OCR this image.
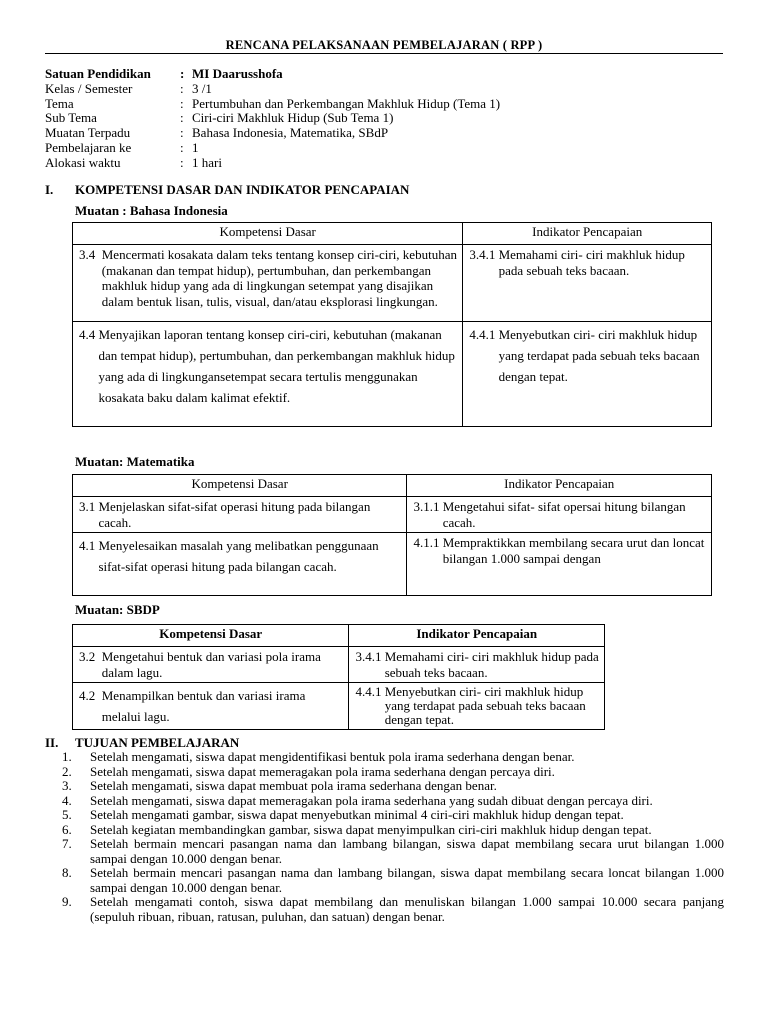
RENCANA PELAKSANAAN PEMBELAJARAN ( RPP )
Satuan Pendidikan	: MI Daarusshofa
Kelas / Semester	: 3 /1
Tema	: Pertumbuhan dan Perkembangan Makhluk Hidup (Tema 1)
Sub Tema	: Ciri-ciri Makhluk Hidup (Sub Tema 1)
Muatan Terpadu	: Bahasa Indonesia, Matematika, SBdP
Pembelajaran ke	: 1
Alokasi waktu	: 1 hari
I. KOMPETENSI DASAR DAN INDIKATOR PENCAPAIAN
Muatan : Bahasa Indonesia
Kompetensi Dasar	Indikator Pencapaian

3.4 Mencermati kosakata dalam teks tentang konsep ciri-ciri, kebutuhan (makanan dan tempat hidup), pertumbuhan, dan perkembangan makhluk hidup yang ada di lingkungan setempat yang disajikan dalam bentuk lisan, tulis, visual, dan/atau eksplorasi lingkungan.	3.4.1 Memahami ciri- ciri makhluk hidup pada sebuah teks bacaan.

4.4 Menyajikan laporan tentang konsep ciri-ciri, kebutuhan (makanan dan tempat hidup), pertumbuhan, dan perkembangan makhluk hidup yang ada di lingkungansetempat secara tertulis menggunakan kosakata baku dalam kalimat efektif.	4.4.1 Menyebutkan ciri- ciri makhluk hidup yang terdapat pada sebuah teks bacaan dengan tepat.
Muatan: Matematika
Kompetensi Dasar	Indikator Pencapaian

3.1 Menjelaskan sifat-sifat operasi hitung pada bilangan cacah.	3.1.1 Mengetahui sifat- sifat opersai hitung bilangan cacah.

4.1 Menyelesaikan masalah yang melibatkan penggunaan sifat-sifat operasi hitung pada bilangan cacah.	4.1.1 Mempraktikkan membilang secara urut dan loncat bilangan 1.000 sampai dengan
Muatan: SBDP
Kompetensi Dasar	Indikator Pencapaian

3.2 Mengetahui bentuk dan variasi pola irama dalam lagu.	3.4.1 Memahami ciri- ciri makhluk hidup pada sebuah teks bacaan.

4.2 Menampilkan bentuk dan variasi irama melalui lagu.	4.4.1 Menyebutkan ciri- ciri makhluk hidup yang terdapat pada sebuah teks bacaan dengan tepat.
II. TUJUAN PEMBELAJARAN
1.	Setelah mengamati, siswa dapat mengidentifikasi bentuk pola irama sederhana dengan benar.
2.	Setelah mengamati, siswa dapat memeragakan pola irama sederhana dengan percaya diri.
3.	Setelah mengamati, siswa dapat membuat pola irama sederhana dengan benar.
4.	Setelah mengamati, siswa dapat memeragakan pola irama sederhana yang sudah dibuat dengan percaya diri.
5.	Setelah mengamati gambar, siswa dapat menyebutkan minimal 4 ciri-ciri makhluk hidup dengan tepat.
6.	Setelah kegiatan membandingkan gambar, siswa dapat menyimpulkan ciri-ciri makhluk hidup dengan tepat.
7.	Setelah bermain mencari pasangan nama dan lambang bilangan, siswa dapat membilang secara urut bilangan 1.000 sampai dengan 10.000 dengan benar.
8.	Setelah bermain mencari pasangan nama dan lambang bilangan, siswa dapat membilang secara loncat bilangan 1.000 sampai dengan 10.000 dengan benar.
9.	Setelah mengamati contoh, siswa dapat membilang dan menuliskan bilangan 1.000 sampai 10.000 secara panjang (sepuluh ribuan, ribuan, ratusan, puluhan, dan satuan) dengan benar.
